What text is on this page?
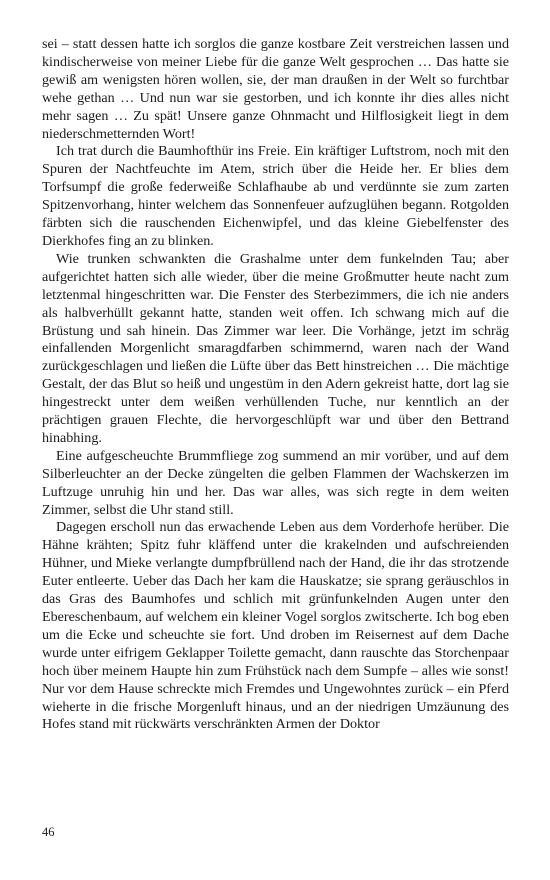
sei – statt dessen hatte ich sorglos die ganze kostbare Zeit verstreichen lassen und kindischerweise von meiner Liebe für die ganze Welt gesprochen … Das hatte sie gewiß am wenigsten hören wollen, sie, der man draußen in der Welt so furchtbar wehe gethan … Und nun war sie gestorben, und ich konnte ihr dies alles nicht mehr sagen … Zu spät! Unsere ganze Ohnmacht und Hilflosigkeit liegt in dem niederschmetternden Wort!

Ich trat durch die Baumhofthür ins Freie. Ein kräftiger Luftstrom, noch mit den Spuren der Nachtfeuchte im Atem, strich über die Heide her. Er blies dem Torfsumpf die große federweiße Schlafhaube ab und verdünnte sie zum zarten Spitzenvorhang, hinter welchem das Sonnenfeuer aufzuglühen begann. Rotgolden färbten sich die rauschenden Eichenwipfel, und das kleine Giebelfenster des Dierkhofes fing an zu blinken.

Wie trunken schwankten die Grashalme unter dem funkelnden Tau; aber aufgerichtet hatten sich alle wieder, über die meine Großmutter heute nacht zum letztenmal hingeschritten war. Die Fenster des Sterbezimmers, die ich nie anders als halbverhüllt gekannt hatte, standen weit offen. Ich schwang mich auf die Brüstung und sah hinein. Das Zimmer war leer. Die Vorhänge, jetzt im schräg einfallenden Morgenlicht smaragdfarben schimmernd, waren nach der Wand zurückgeschlagen und ließen die Lüfte über das Bett hinstreichen … Die mächtige Gestalt, der das Blut so heiß und ungestüm in den Adern gekreist hatte, dort lag sie hingestreckt unter dem weißen verhüllenden Tuche, nur kenntlich an der prächtigen grauen Flechte, die hervorgeschlüpft war und über den Bettrand hinabhing.

Eine aufgescheuchte Brummfliege zog summend an mir vorüber, und auf dem Silberleuchter an der Decke züngelten die gelben Flammen der Wachskerzen im Luftzuge unruhig hin und her. Das war alles, was sich regte in dem weiten Zimmer, selbst die Uhr stand still.

Dagegen erscholl nun das erwachende Leben aus dem Vorderhofe herüber. Die Hähne krähten; Spitz fuhr kläffend unter die krakelnden und aufschreienden Hühner, und Mieke verlangte dumpfbrüllend nach der Hand, die ihr das strotzende Euter entleerte. Ueber das Dach her kam die Hauskatze; sie sprang geräuschlos in das Gras des Baumhofes und schlich mit grünfunkelnden Augen unter den Ebereschenbaum, auf welchem ein kleiner Vogel sorglos zwitscherte. Ich bog eben um die Ecke und scheuchte sie fort. Und droben im Reisernest auf dem Dache wurde unter eifrigem Geklapper Toilette gemacht, dann rauschte das Storchenpaar hoch über meinem Haupte hin zum Frühstück nach dem Sumpfe – alles wie sonst! Nur vor dem Hause schreckte mich Fremdes und Ungewohntes zurück – ein Pferd wieherte in die frische Morgenluft hinaus, und an der niedrigen Umzäunung des Hofes stand mit rückwärts verschränkten Armen der Doktor

46
